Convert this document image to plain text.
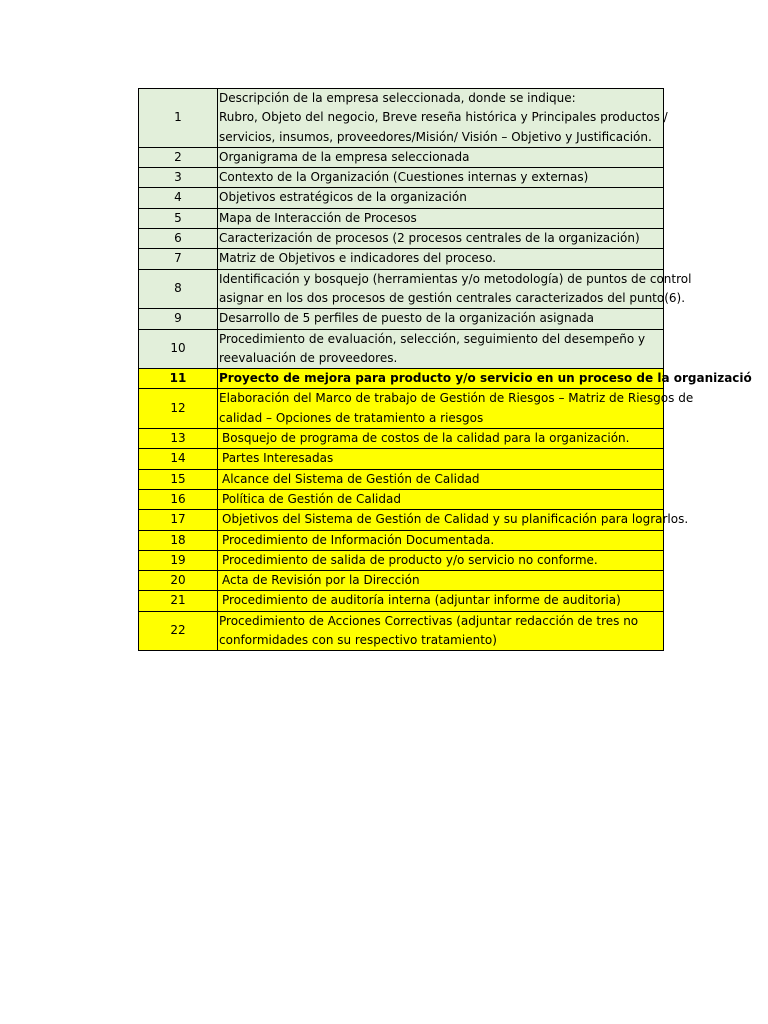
1	Descripción de la empresa seleccionada, donde se indique:
Rubro, Objeto del negocio, Breve reseña histórica y Principales productos /
servicios, insumos, proveedores/Misión/ Visión – Objetivo y Justificación.

2	Organigrama de la empresa seleccionada

3	Contexto de la Organización (Cuestiones internas y externas)

4	Objetivos estratégicos de la organización

5	Mapa de Interacción de Procesos

6	Caracterización de procesos (2 procesos centrales de la organización)

7	Matriz de Objetivos e indicadores del proceso.

8	Identificación y bosquejo (herramientas y/o metodología) de puntos de control
asignar en los dos procesos de gestión centrales caracterizados del punto(6).

9	Desarrollo de 5 perfiles de puesto de la organización asignada

10	Procedimiento de evaluación, selección, seguimiento del desempeño y
reevaluación de proveedores.

11	Proyecto de mejora para producto y/o servicio en un proceso de la organizació

12	Elaboración del Marco de trabajo de Gestión de Riesgos – Matriz de Riesgos de
calidad – Opciones de tratamiento a riesgos

13	Bosquejo de programa de costos de la calidad para la organización.

14	Partes Interesadas

15	Alcance del Sistema de Gestión de Calidad

16	Política de Gestión de Calidad

17	Objetivos del Sistema de Gestión de Calidad y su planificación para lograrlos.

18	Procedimiento de Información Documentada.

19	Procedimiento de salida de producto y/o servicio no conforme.

20	Acta de Revisión por la Dirección

21	Procedimiento de auditoría interna (adjuntar informe de auditoria)

22	Procedimiento de Acciones Correctivas (adjuntar redacción de tres no
conformidades con su respectivo tratamiento)
